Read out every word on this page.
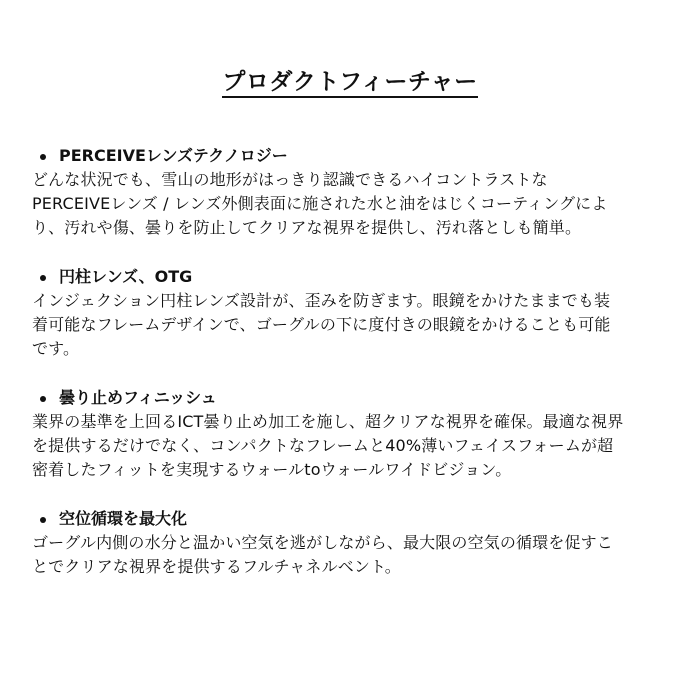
プロダクトフィーチャー
PERCEIVEレンズテクノロジー

どんな状況でも、雪山の地形がはっきり認識できるハイコントラストな
PERCEIVEレンズ / レンズ外側表面に施された水と油をはじくコーティングによ
り、汚れや傷、曇りを防止してクリアな視界を提供し、汚れ落としも簡単。

円柱レンズ、OTG

インジェクション円柱レンズ設計が、歪みを防ぎます。眼鏡をかけたままでも装
着可能なフレームデザインで、ゴーグルの下に度付きの眼鏡をかけることも可能
です。

曇り止めフィニッシュ

業界の基準を上回るICT曇り止め加工を施し、超クリアな視界を確保。最適な視界
を提供するだけでなく、コンパクトなフレームと40%薄いフェイスフォームが超
密着したフィットを実現するウォールtoウォールワイドビジョン。

空位循環を最大化

ゴーグル内側の水分と温かい空気を逃がしながら、最大限の空気の循環を促すこ
とでクリアな視界を提供するフルチャネルベント。
